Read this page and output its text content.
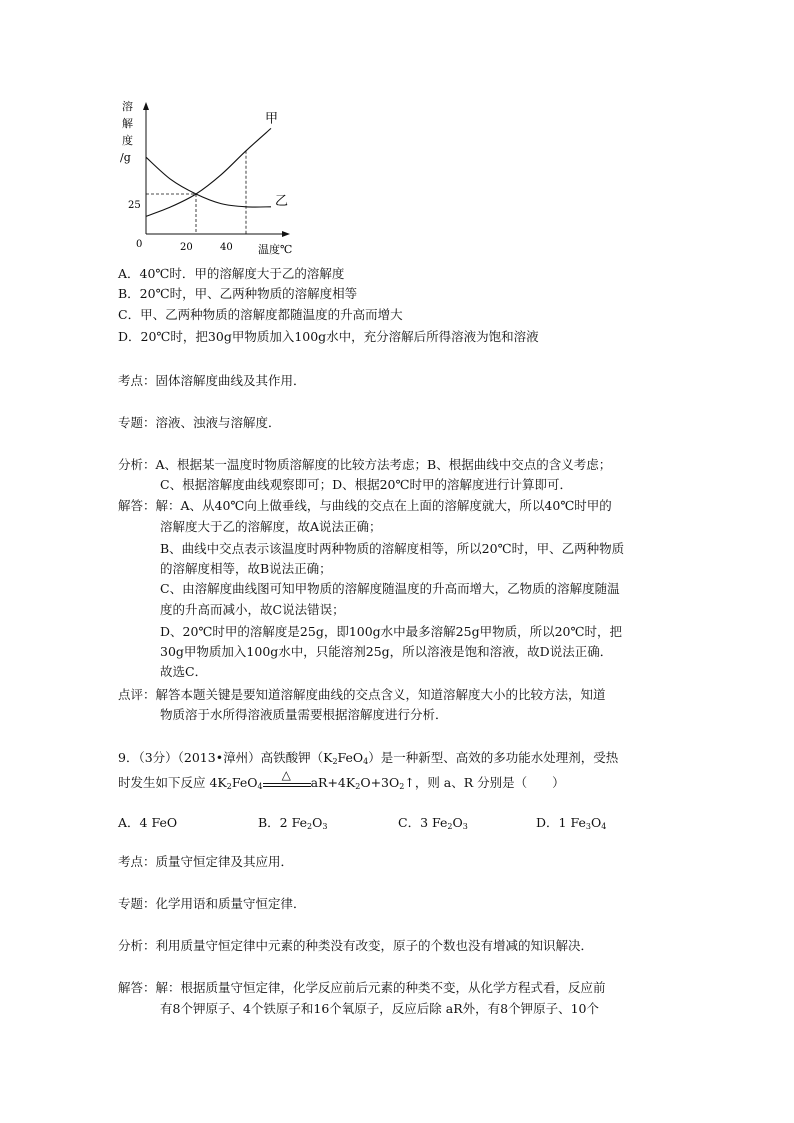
溶
解
度
/g
0	20	40
25
温度℃
甲
乙
A．40℃时．甲的溶解度大于乙的溶解度
B．20℃时，甲、乙两种物质的溶解度相等
C．甲、乙两种物质的溶解度都随温度的升高而增大
D．20℃时，把30g甲物质加入100g水中，充分溶解后所得溶液为饱和溶液
考点：固体溶解度曲线及其作用．
专题：溶液、浊液与溶解度．
分析：A、根据某一温度时物质溶解度的比较方法考虑；B、根据曲线中交点的含义考虑；
C、根据溶解度曲线观察即可；D、根据20℃时甲的溶解度进行计算即可．
解答：解：A、从40℃向上做垂线，与曲线的交点在上面的溶解度就大，所以40℃时甲的
溶解度大于乙的溶解度，故A说法正确；
B、曲线中交点表示该温度时两种物质的溶解度相等，所以20℃时，甲、乙两种物质
的溶解度相等，故B说法正确；
C、由溶解度曲线图可知甲物质的溶解度随温度的升高而增大，乙物质的溶解度随温
度的升高而减小，故C说法错误；
D、20℃时甲的溶解度是25g，即100g水中最多溶解25g甲物质，所以20℃时，把
30g甲物质加入100g水中，只能溶剂25g，所以溶液是饱和溶液，故D说法正确．
故选C．
点评：解答本题关键是要知道溶解度曲线的交点含义，知道溶解度大小的比较方法，知道
物质溶于水所得溶液质量需要根据溶解度进行分析．
9．（3分）（2013•漳州）高铁酸钾$(K_2FeO_4)$是一种新型、高效的多功能水处理剂，受热
时发生如下反应 $4K_2FeO_4$
△ $aR+4K_2O+3O_2↑$，则 a、R 分别是（　　）
A．4 FeO	B．2 $Fe_2O_3$	C．3 $Fe_2O_3$	D．1 $Fe_3O_4$
考点：质量守恒定律及其应用．
专题：化学用语和质量守恒定律．
分析：利用质量守恒定律中元素的种类没有改变，原子的个数也没有增减的知识解决．
解答：解：根据质量守恒定律，化学反应前后元素的种类不变，从化学方程式看，反应前
有8个钾原子、4个铁原子和16个氧原子，反应后除 aR外，有8个钾原子、10个
